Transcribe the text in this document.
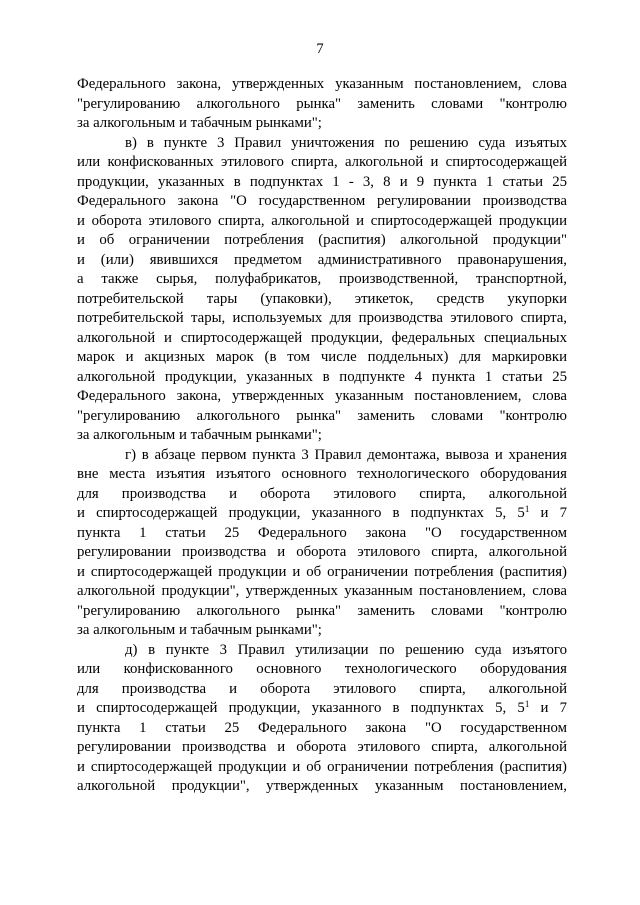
7
Федерального закона, утвержденных указанным постановлением, слова
"регулированию алкогольного рынка" заменить словами "контролю
за алкогольным и табачным рынками";
в) в пункте 3 Правил уничтожения по решению суда изъятых
или конфискованных этилового спирта, алкогольной и спиртосодержащей
продукции, указанных в подпунктах 1 - 3, 8 и 9 пункта 1 статьи 25
Федерального закона "О государственном регулировании производства
и оборота этилового спирта, алкогольной и спиртосодержащей продукции
и об ограничении потребления (распития) алкогольной продукции"
и (или) явившихся предметом административного правонарушения,
а также сырья, полуфабрикатов, производственной, транспортной,
потребительской тары (упаковки), этикеток, средств укупорки
потребительской тары, используемых для производства этилового спирта,
алкогольной и спиртосодержащей продукции, федеральных специальных
марок и акцизных марок (в том числе поддельных) для маркировки
алкогольной продукции, указанных в подпункте 4 пункта 1 статьи 25
Федерального закона, утвержденных указанным постановлением, слова
"регулированию алкогольного рынка" заменить словами "контролю
за алкогольным и табачным рынками";
г) в абзаце первом пункта 3 Правил демонтажа, вывоза и хранения
вне места изъятия изъятого основного технологического оборудования
для производства и оборота этилового спирта, алкогольной
и спиртосодержащей продукции, указанного в подпунктах 5, $5^1$ и 7
пункта 1 статьи 25 Федерального закона "О государственном
регулировании производства и оборота этилового спирта, алкогольной
и спиртосодержащей продукции и об ограничении потребления (распития)
алкогольной продукции", утвержденных указанным постановлением, слова
"регулированию алкогольного рынка" заменить словами "контролю
за алкогольным и табачным рынками";
д) в пункте 3 Правил утилизации по решению суда изъятого
или конфискованного основного технологического оборудования
для производства и оборота этилового спирта, алкогольной
и спиртосодержащей продукции, указанного в подпунктах 5, $5^1$ и 7
пункта 1 статьи 25 Федерального закона "О государственном
регулировании производства и оборота этилового спирта, алкогольной
и спиртосодержащей продукции и об ограничении потребления (распития)
алкогольной продукции", утвержденных указанным постановлением,
